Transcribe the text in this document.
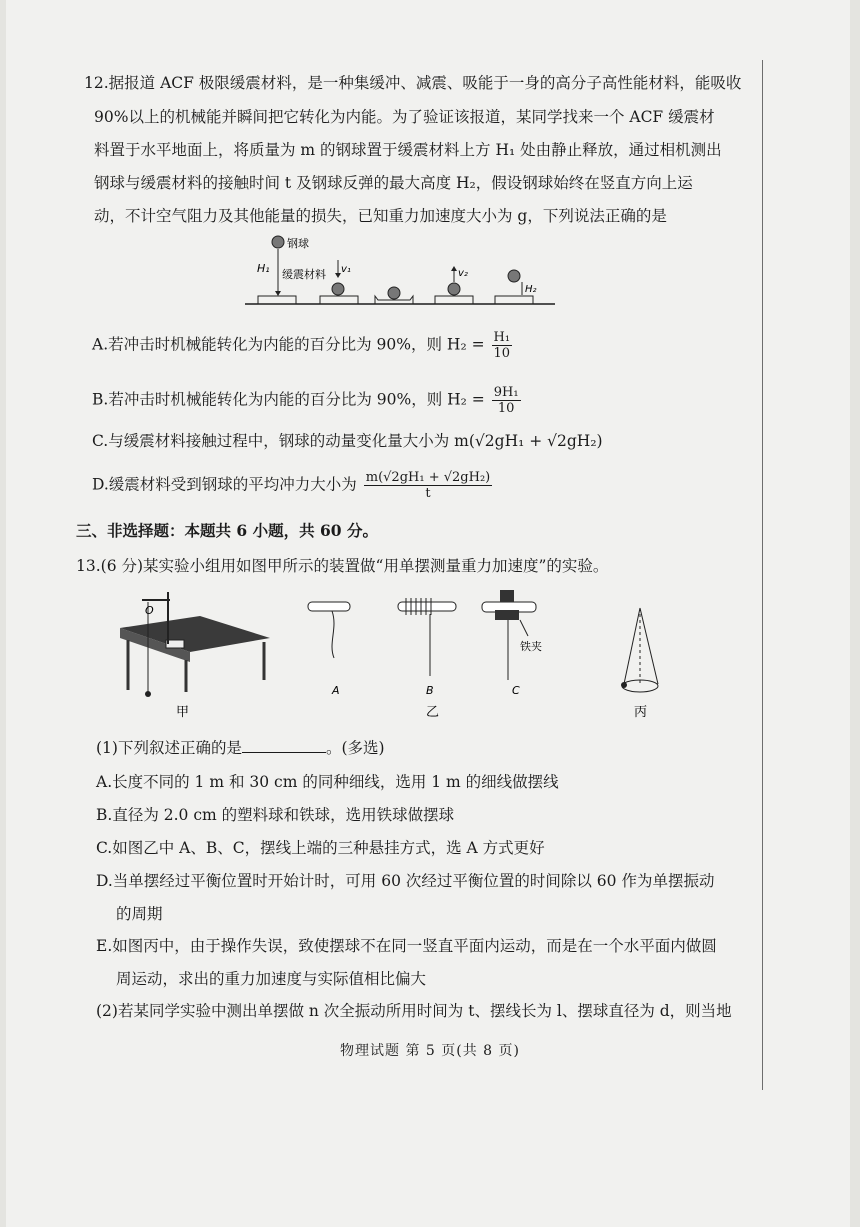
12.据报道 ACF 极限缓震材料，是一种集缓冲、减震、吸能于一身的高分子高性能材料，能吸收
90%以上的机械能并瞬间把它转化为内能。为了验证该报道，某同学找来一个 ACF 缓震材
料置于水平地面上，将质量为 m 的钢球置于缓震材料上方 H₁ 处由静止释放，通过相机测出
钢球与缓震材料的接触时间 t 及钢球反弹的最大高度 H₂，假设钢球始终在竖直方向上运
动，不计空气阻力及其他能量的损失，已知重力加速度大小为 g，下列说法正确的是
钢球
H₁ 缓震材料 v₁	v₂
H₂
A.若冲击时机械能转化为内能的百分比为 90%，则 $H_2 = \frac{\text{H₁}}{10}$
B.若冲击时机械能转化为内能的百分比为 90%，则 $H_2 = \frac{\text{9H₁}}{10}$
C.与缓震材料接触过程中，钢球的动量变化量大小为 m(√2gH₁ + √2gH₂)
D.缓震材料受到钢球的平均冲力大小为 $\frac{\text{m(√2gH₁ + √2gH₂)}}{t}$
三、非选择题：本题共 6 小题，共 60 分。
13.(6 分)某实验小组用如图甲所示的装置做“用单摆测量重力加速度”的实验。
O
甲
A	B
铁夹
C
乙	丙
(1)下列叙述正确的是	。(多选)
A.长度不同的 1 m 和 30 cm 的同种细线，选用 1 m 的细线做摆线
B.直径为 2.0 cm 的塑料球和铁球，选用铁球做摆球
C.如图乙中 A、B、C，摆线上端的三种悬挂方式，选 A 方式更好
D.当单摆经过平衡位置时开始计时，可用 60 次经过平衡位置的时间除以 60 作为单摆振动
的周期
E.如图丙中，由于操作失误，致使摆球不在同一竖直平面内运动，而是在一个水平面内做圆
周运动，求出的重力加速度与实际值相比偏大
(2)若某同学实验中测出单摆做 n 次全振动所用时间为 t、摆线长为 l、摆球直径为 d，则当地
物理试题 第 5 页(共 8 页)
